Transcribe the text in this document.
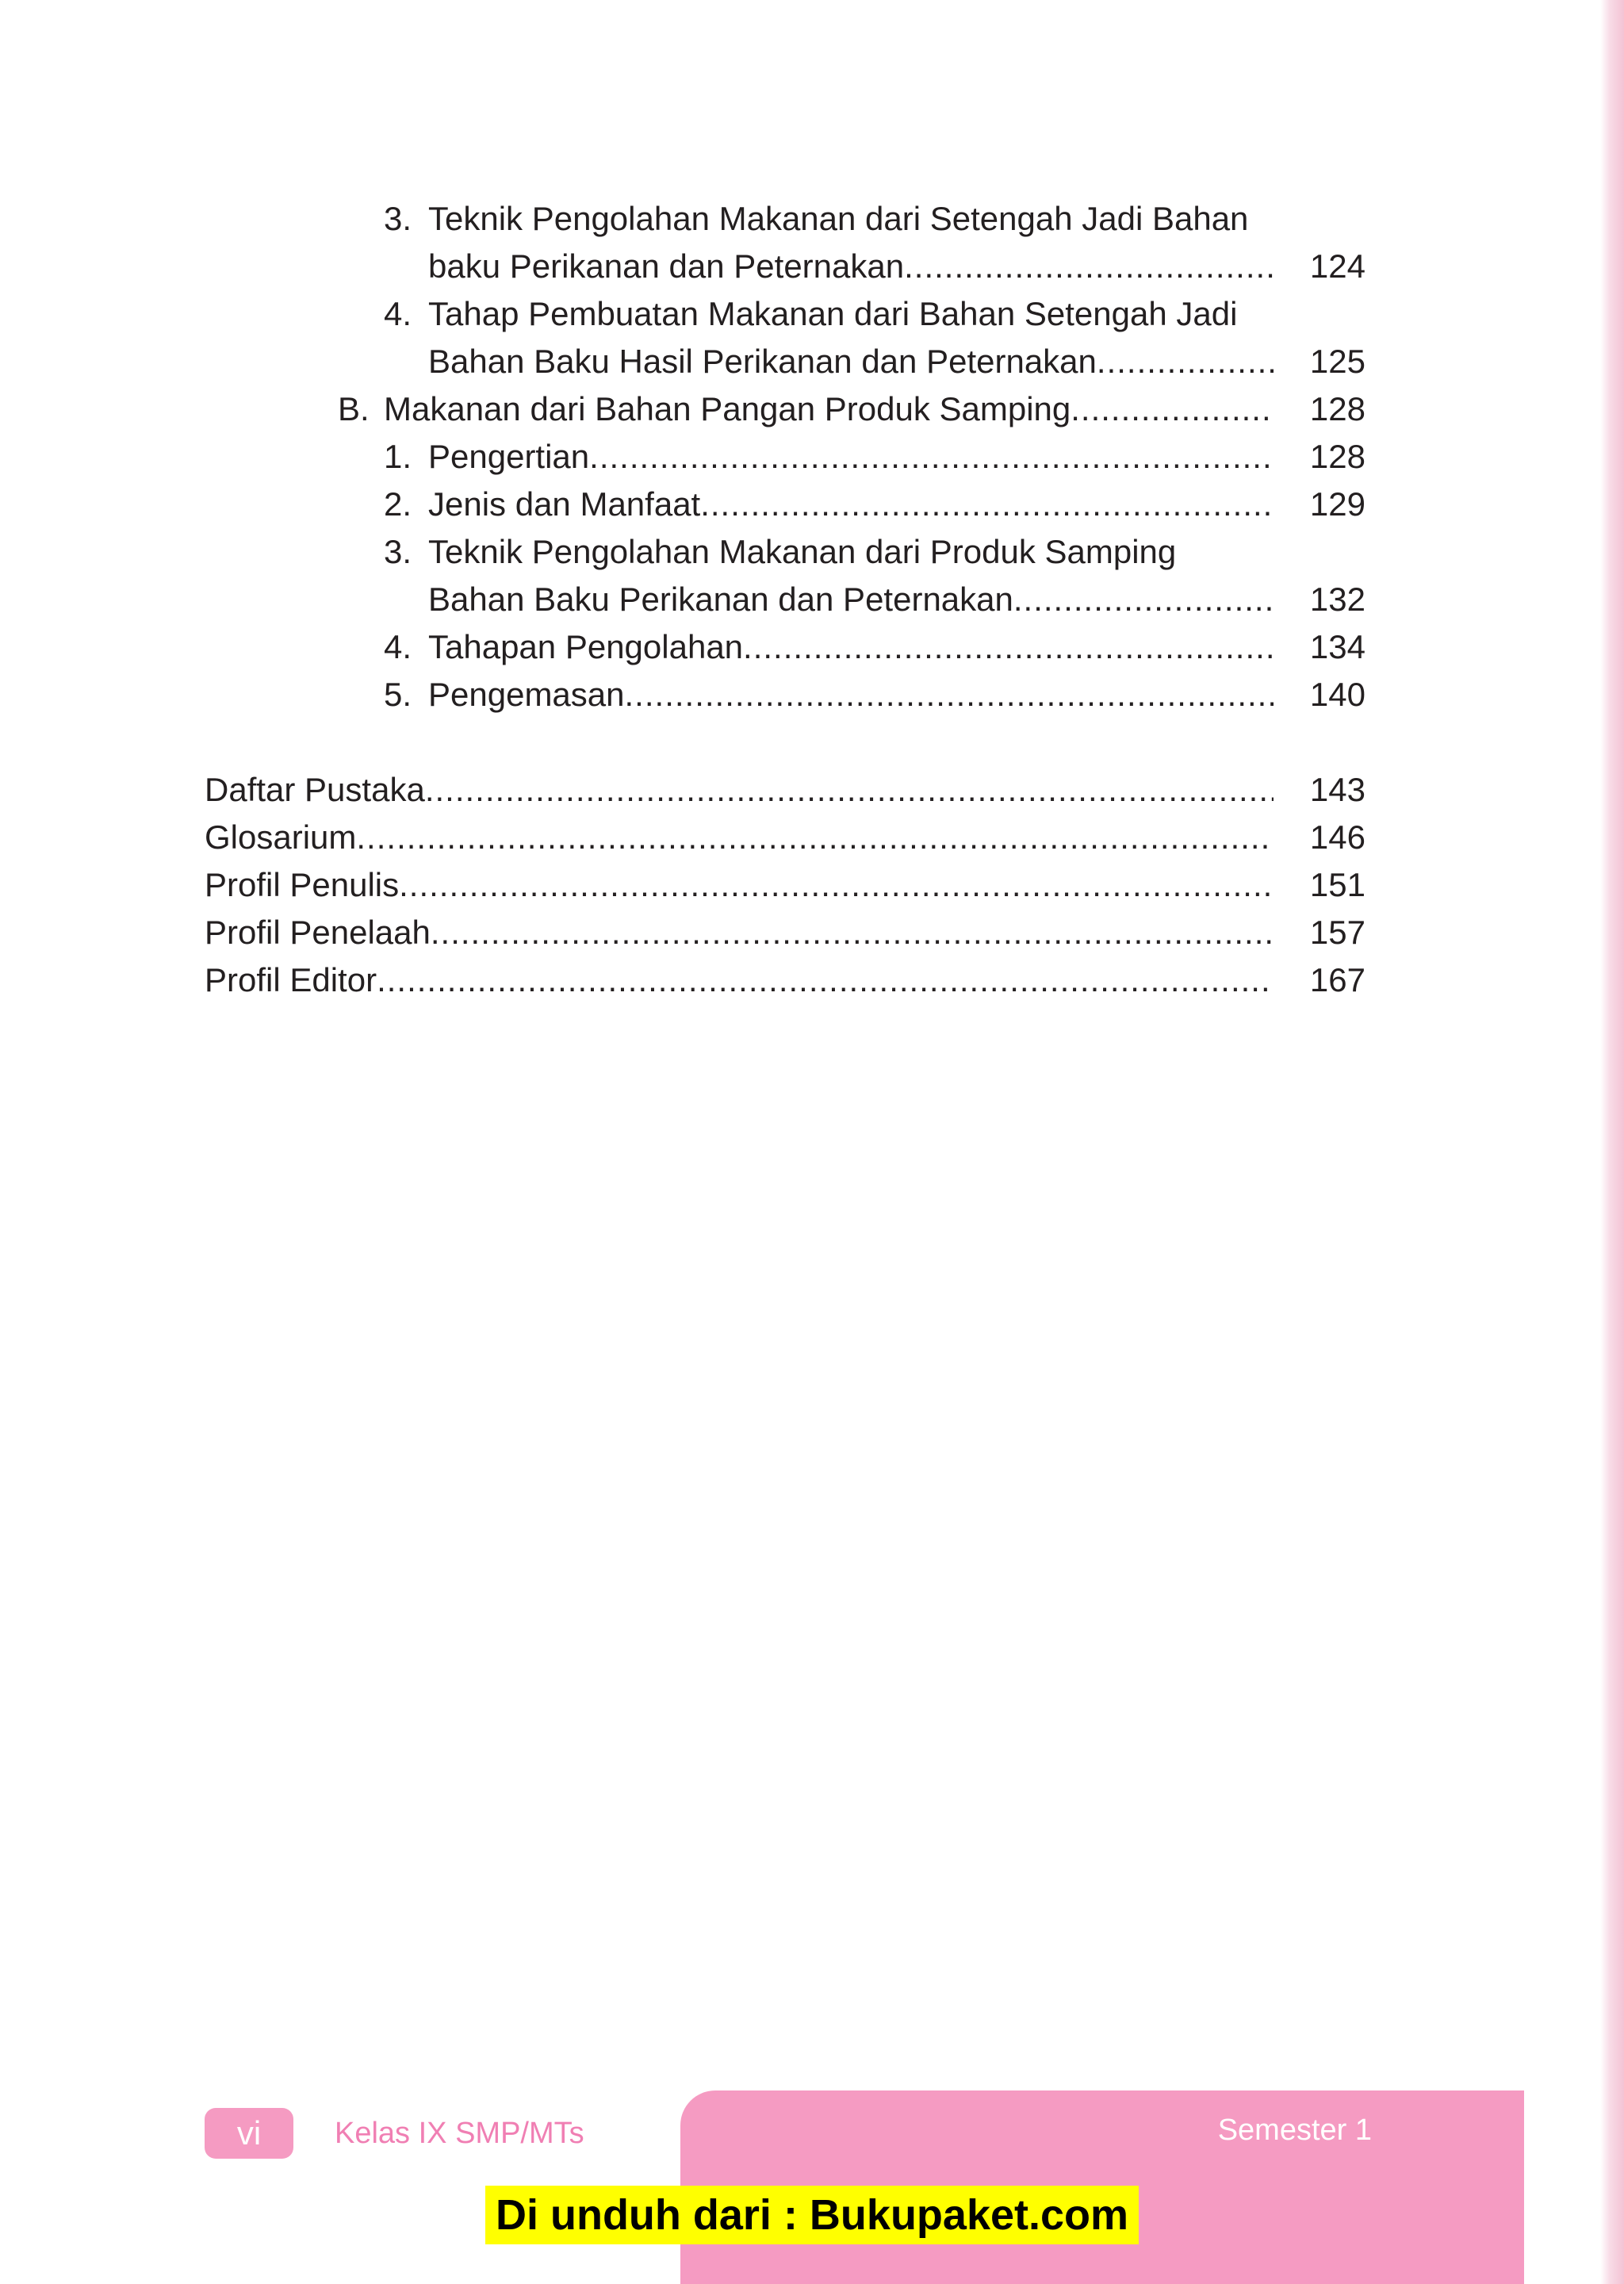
3. Teknik Pengolahan Makanan dari Setengah Jadi Bahan
baku Perikanan dan Peternakan .....	124
4. Tahap Pembuatan Makanan dari Bahan Setengah Jadi
Bahan Baku Hasil Perikanan dan Peternakan .....	125
B. Makanan dari Bahan Pangan Produk Samping .....	128
1. Pengertian .....	128
2. Jenis dan Manfaat .....	129
3. Teknik Pengolahan Makanan dari Produk Samping
Bahan Baku Perikanan dan Peternakan .....	132
4. Tahapan Pengolahan .....	134
5. Pengemasan .....	140
Daftar Pustaka .....	143
Glosarium .....	146
Profil Penulis .....	151
Profil Penelaah .....	157
Profil Editor .....	167
vi	Kelas IX SMP/MTs	Semester 1
Di unduh dari : Bukupaket.com
